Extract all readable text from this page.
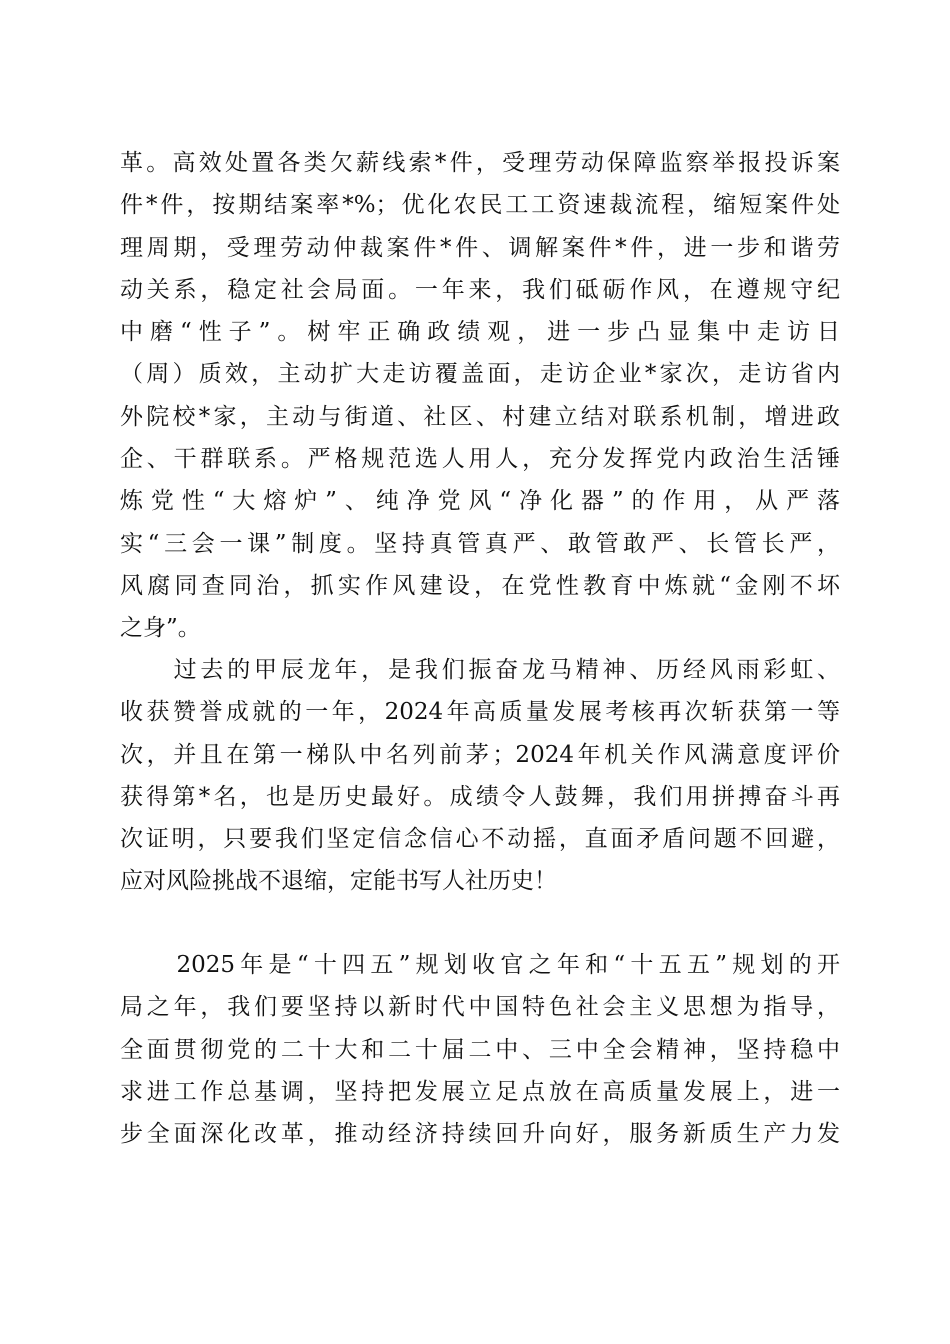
革。高效处置各类欠薪线索*件，受理劳动保障监察举报投诉案
件*件，按期结案率*%；优化农民工工资速裁流程，缩短案件处
理周期，受理劳动仲裁案件*件、调解案件*件，进一步和谐劳
动关系，稳定社会局面。一年来，我们砥砺作风，在遵规守纪
中磨“性子”。树牢正确政绩观，进一步凸显集中走访日
（周）质效，主动扩大走访覆盖面，走访企业*家次，走访省内
外院校*家，主动与街道、社区、村建立结对联系机制，增进政
企、干群联系。严格规范选人用人，充分发挥党内政治生活锤
炼党性“大熔炉”、纯净党风“净化器”的作用，从严落
实“三会一课”制度。坚持真管真严、敢管敢严、长管长严，
风腐同查同治，抓实作风建设，在党性教育中炼就“金刚不坏
之身”。
　　过去的甲辰龙年，是我们振奋龙马精神、历经风雨彩虹、
收获赞誉成就的一年，2024年高质量发展考核再次斩获第一等
次，并且在第一梯队中名列前茅；2024年机关作风满意度评价
获得第*名，也是历史最好。成绩令人鼓舞，我们用拼搏奋斗再
次证明，只要我们坚定信念信心不动摇，直面矛盾问题不回避，
应对风险挑战不退缩，定能书写人社历史！
　　2025年是“十四五”规划收官之年和“十五五”规划的开
局之年，我们要坚持以新时代中国特色社会主义思想为指导，
全面贯彻党的二十大和二十届二中、三中全会精神，坚持稳中
求进工作总基调，坚持把发展立足点放在高质量发展上，进一
步全面深化改革，推动经济持续回升向好，服务新质生产力发
